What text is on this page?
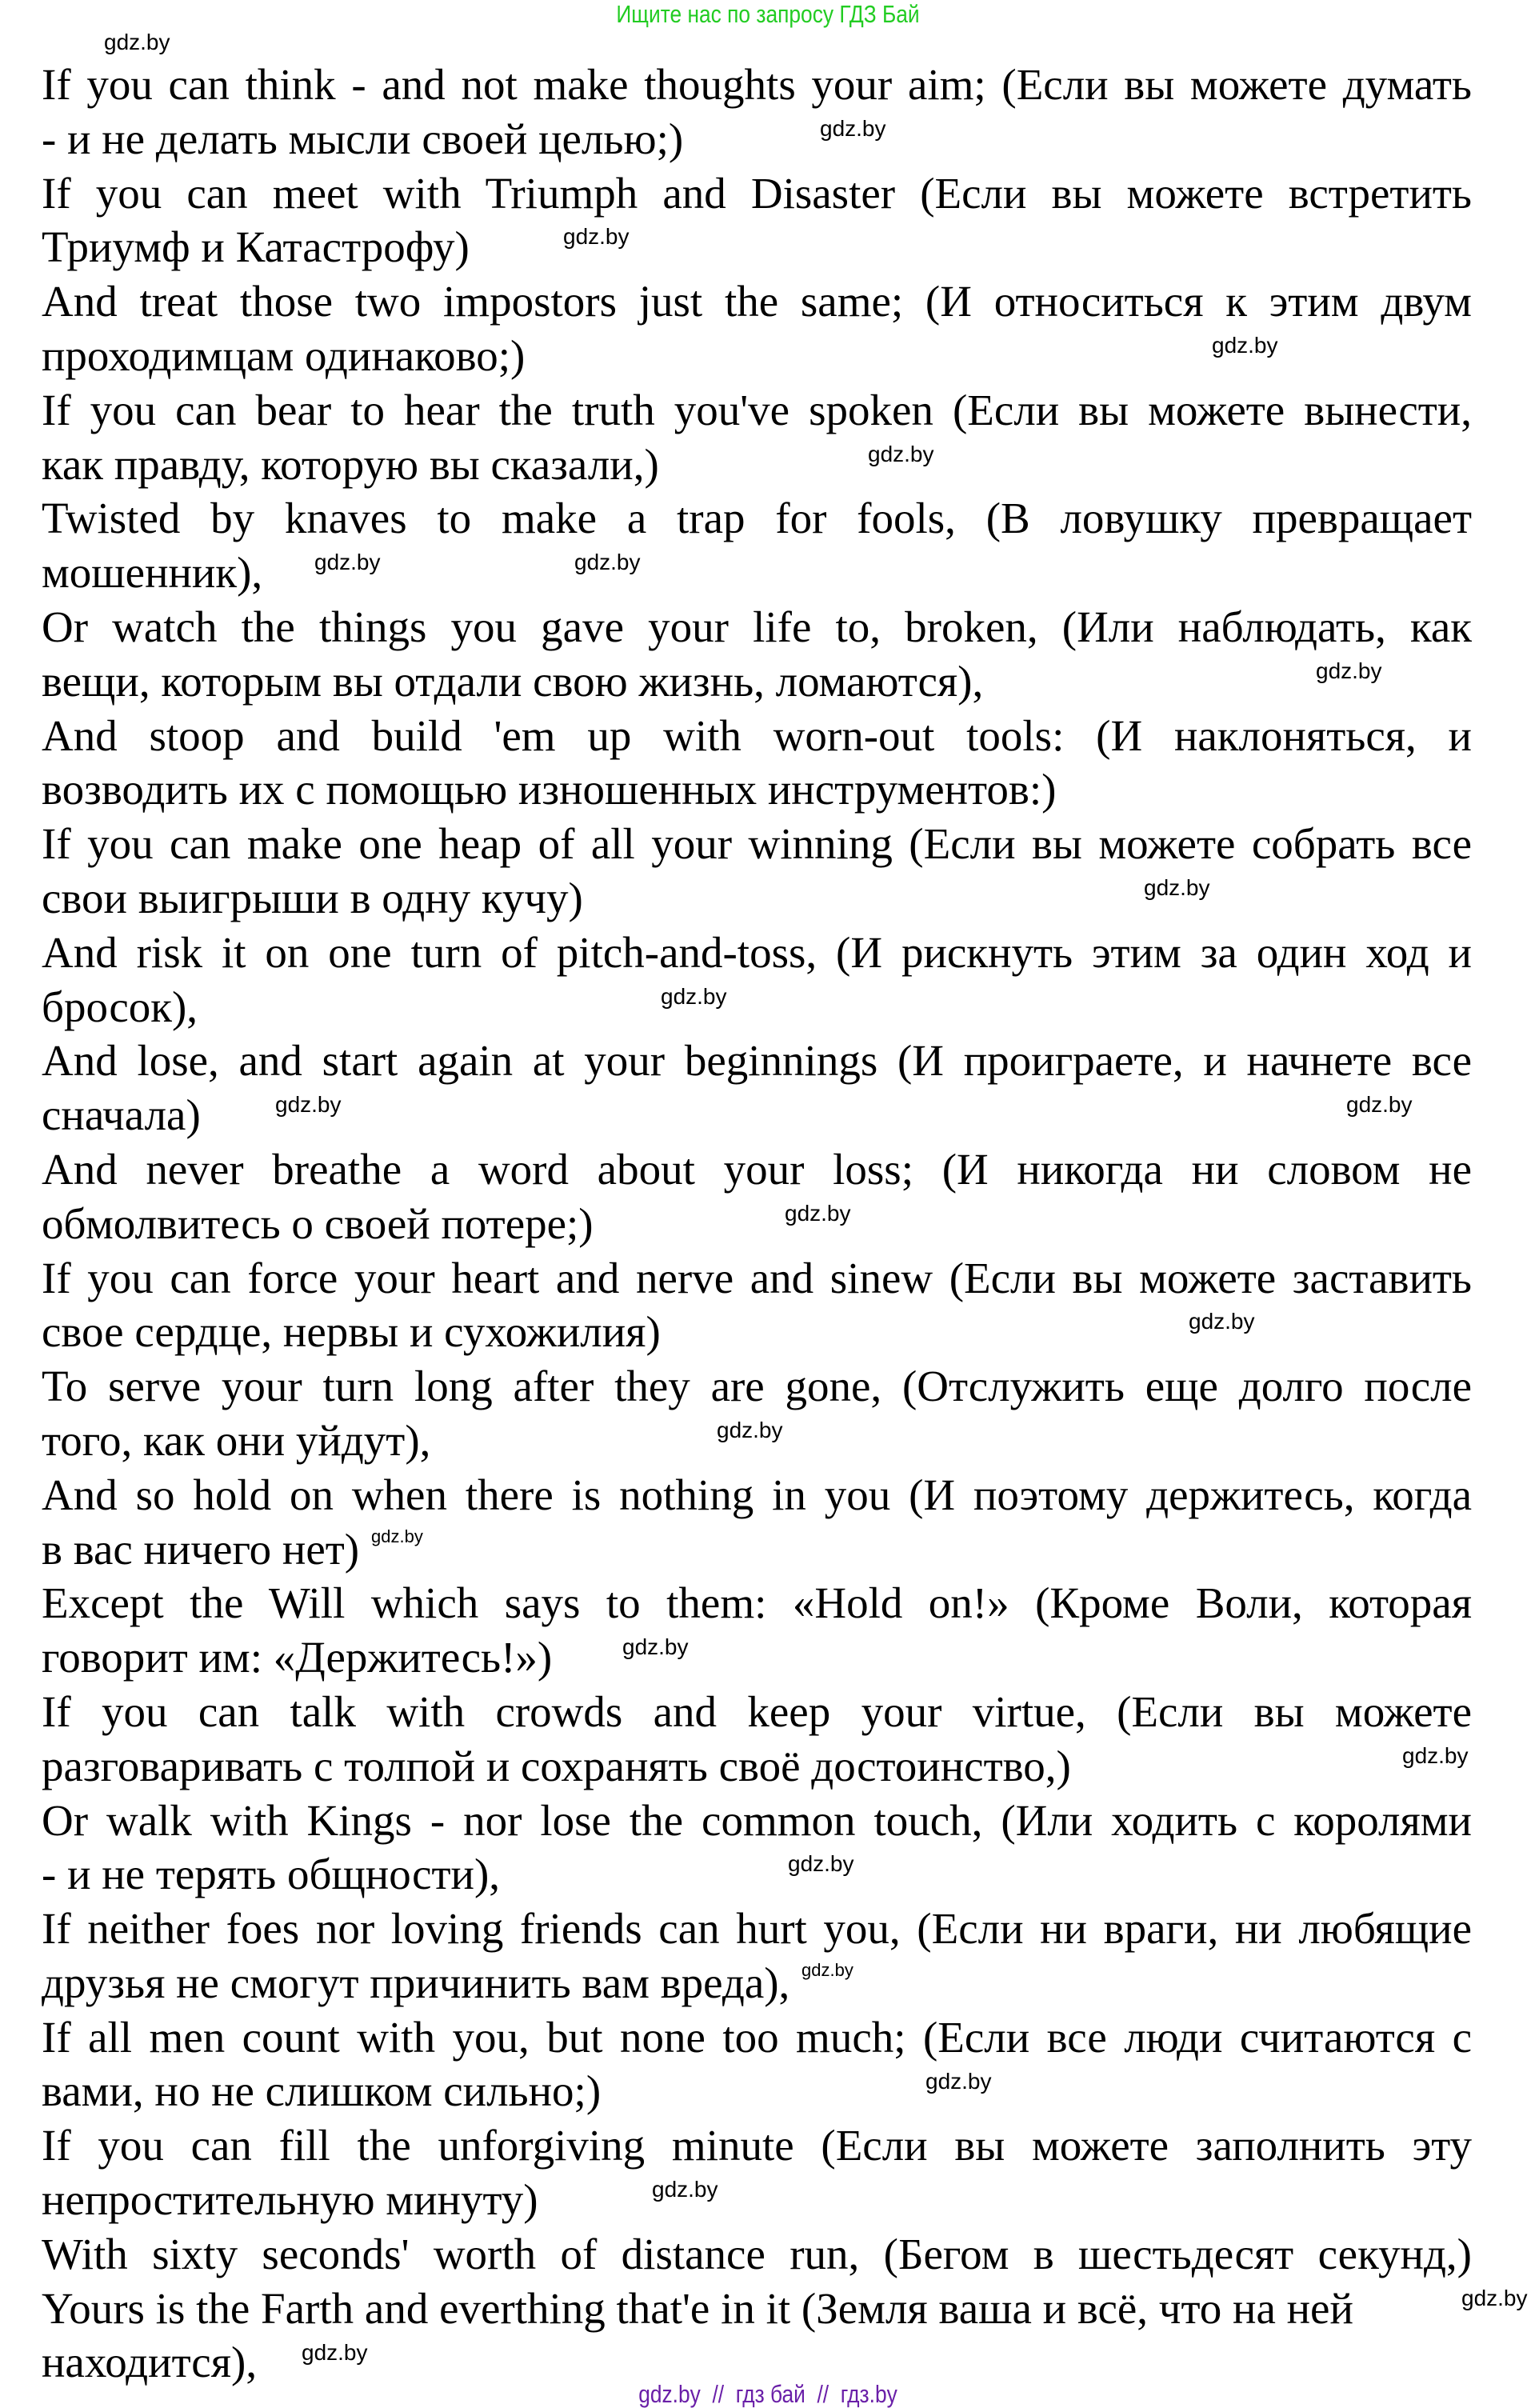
Ищите нас по запросу ГДЗ Бай
If you can think - and not make thoughts your aim; (Если вы можете думать
- и не делать мысли своей целью;)
If you can meet with Triumph and Disaster (Если вы можете встретить
Триумф и Катастрофу)
And treat those two impostors just the same; (И относиться к этим двум
проходимцам одинаково;)
If you can bear to hear the truth you've spoken (Если вы можете вынести,
как правду, которую вы сказали,)
Twisted by knaves to make a trap for fools, (В ловушку превращает
мошенник),
Or watch the things you gave your life to, broken, (Или наблюдать, как
вещи, которым вы отдали свою жизнь, ломаются),
And stoop and build 'em up with worn-out tools: (И наклоняться, и
возводить их с помощью изношенных инструментов:)
If you can make one heap of all your winning (Если вы можете собрать все
свои выигрыши в одну кучу)
And risk it on one turn of pitch-and-toss, (И рискнуть этим за один ход и
бросок),
And lose, and start again at your beginnings (И проиграете, и начнете все
сначала)
And never breathe a word about your loss; (И никогда ни словом не
обмолвитесь о своей потере;)
If you can force your heart and nerve and sinew (Если вы можете заставить
свое сердце, нервы и сухожилия)
To serve your turn long after they are gone, (Отслужить еще долго после
того, как они уйдут),
And so hold on when there is nothing in you (И поэтому держитесь, когда
в вас ничего нет)
Except the Will which says to them: «Hold on!» (Кроме Воли, которая
говорит им: «Держитесь!»)
If you can talk with crowds and keep your virtue, (Если вы можете
разговаривать с толпой и сохранять своё достоинство,)
Or walk with Kings - nor lose the common touch, (Или ходить с королями
- и не терять общности),
If neither foes nor loving friends can hurt you, (Если ни враги, ни любящие
друзья не смогут причинить вам вреда),
If all men count with you, but none too much; (Если все люди считаются с
вами, но не слишком сильно;)
If you can fill the unforgiving minute (Если вы можете заполнить эту
непростительную минуту)
With sixty seconds' worth of distance run, (Бегом в шестьдесят секунд,)
Yours is the Farth and everthing that'e in it (Земля ваша и всё, что на ней
находится),
gdz.by  //  гдз бай  //  гдз.by
gdz.by
gdz.by
gdz.by
gdz.by
gdz.by
gdz.by	gdz.by
gdz.by
gdz.by
gdz.by
gdz.by	gdz.by
gdz.by
gdz.by
gdz.by
gdz.by
gdz.by
gdz.by
gdz.by
gdz.by
gdz.by
gdz.by
gdz.by
gdz.by
